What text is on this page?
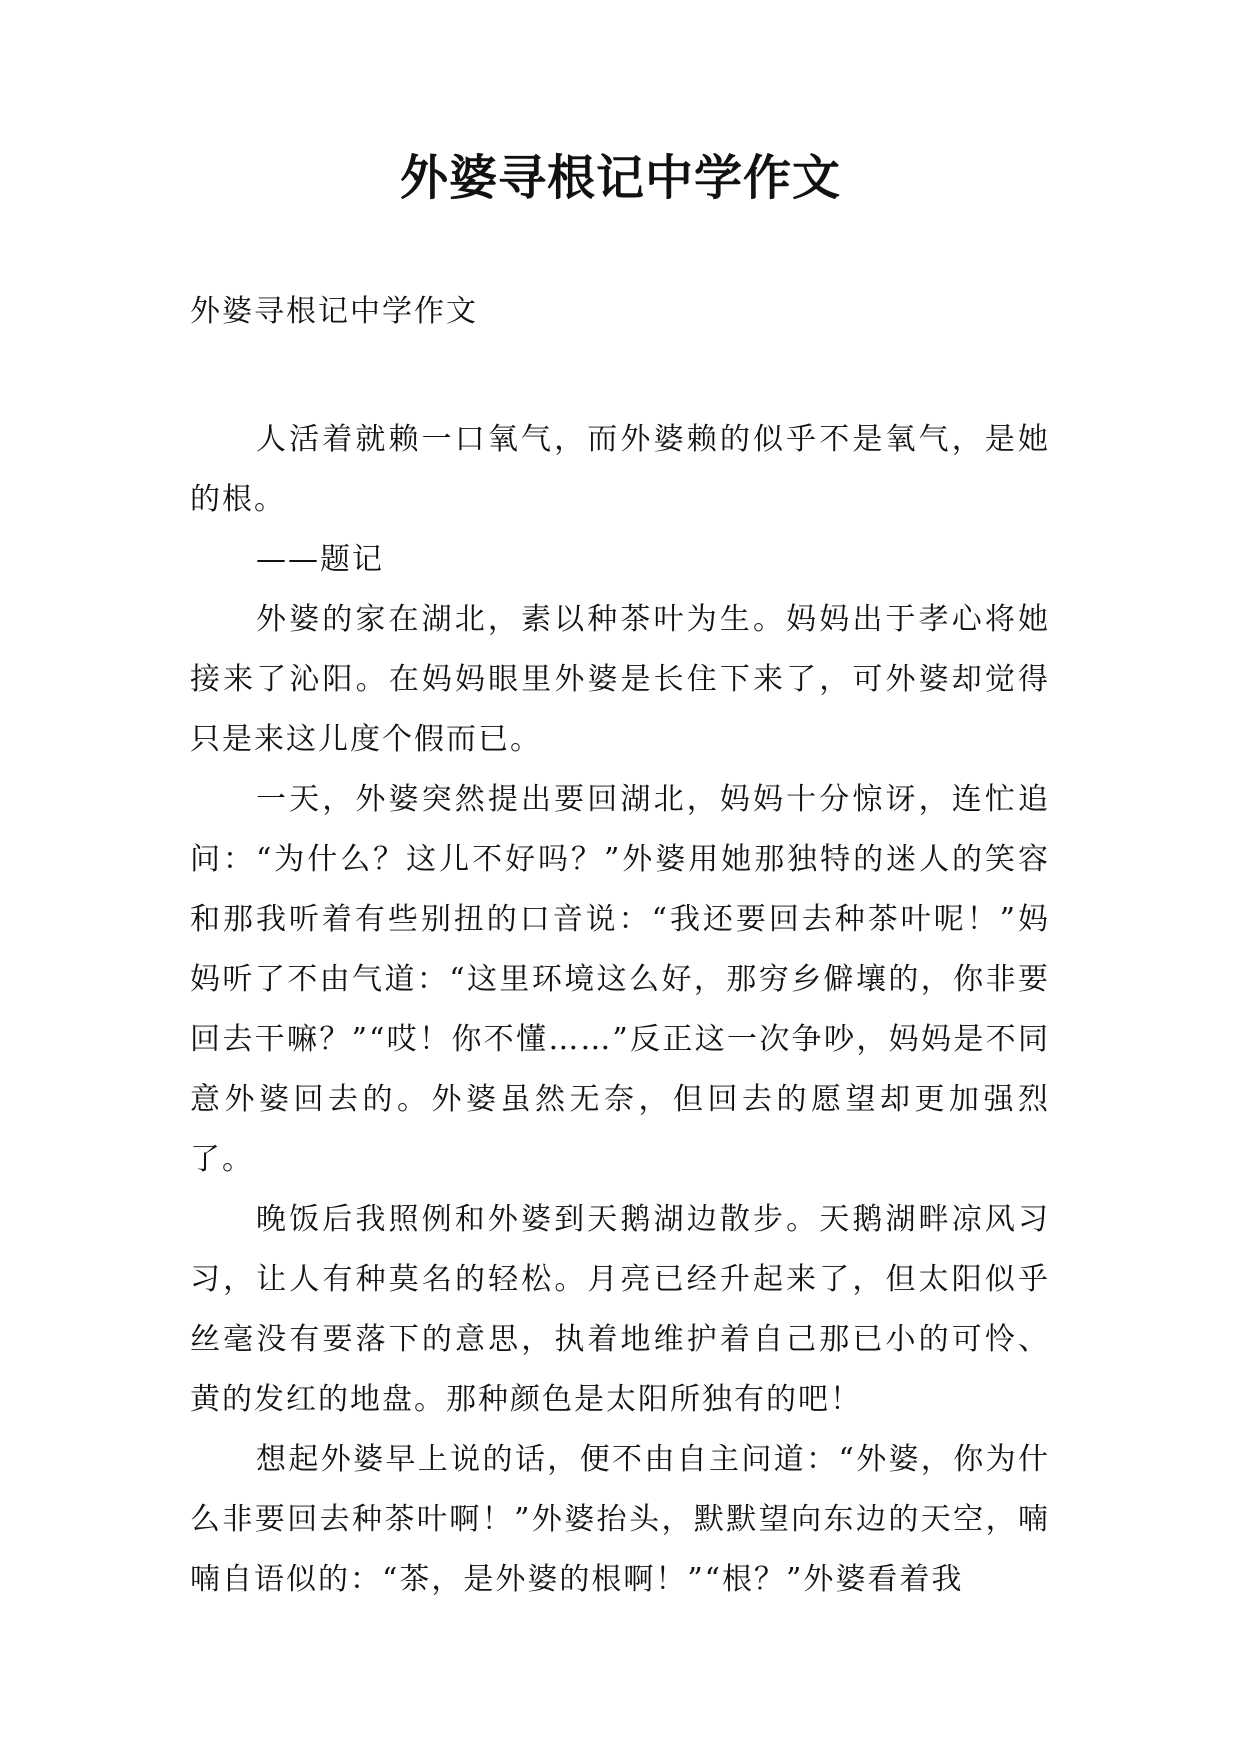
外婆寻根记中学作文
外婆寻根记中学作文

人活着就赖一口氧气，而外婆赖的似乎不是氧气，是她的根。

——题记

外婆的家在湖北，素以种茶叶为生。妈妈出于孝心将她接来了沁阳。在妈妈眼里外婆是长住下来了，可外婆却觉得只是来这儿度个假而已。

一天，外婆突然提出要回湖北，妈妈十分惊讶，连忙追问：“为什么？这儿不好吗？”外婆用她那独特的迷人的笑容和那我听着有些别扭的口音说：“我还要回去种茶叶呢！”妈妈听了不由气道：“这里环境这么好，那穷乡僻壤的，你非要回去干嘛？”“哎！你不懂……”反正这一次争吵，妈妈是不同意外婆回去的。外婆虽然无奈，但回去的愿望却更加强烈了。

晚饭后我照例和外婆到天鹅湖边散步。天鹅湖畔凉风习习，让人有种莫名的轻松。月亮已经升起来了，但太阳似乎丝毫没有要落下的意思，执着地维护着自己那已小的可怜、黄的发红的地盘。那种颜色是太阳所独有的吧！

想起外婆早上说的话，便不由自主问道：“外婆，你为什么非要回去种茶叶啊！”外婆抬头，默默望向东边的天空，喃喃自语似的：“茶，是外婆的根啊！”“根？”外婆看着我
